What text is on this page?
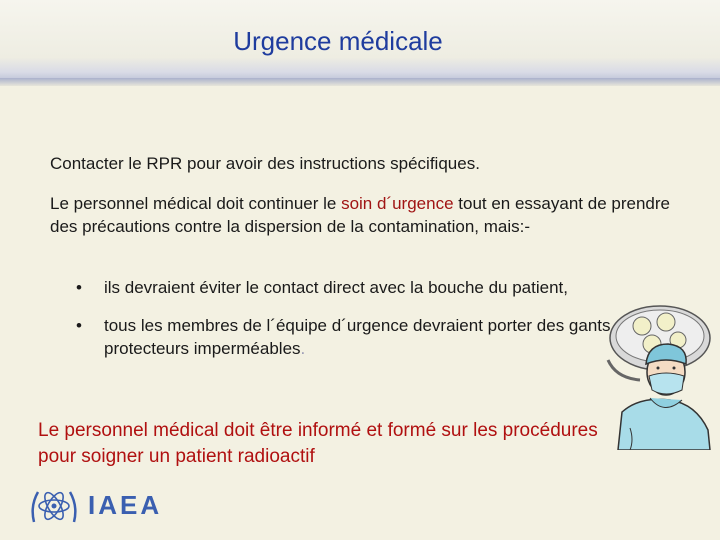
Urgence médicale

Contacter le RPR pour avoir des instructions spécifiques.

Le personnel médical doit continuer le soin d´urgence tout en essayant de prendre des précautions contre la dispersion de la contamination, mais:-

• ils devraient éviter le contact direct avec la bouche du patient,
• tous les membres de l´équipe d´urgence devraient porter des gants protecteurs imperméables.

Le personnel médical doit être informé et formé sur les procédures pour soigner un patient radioactif

IAEA
